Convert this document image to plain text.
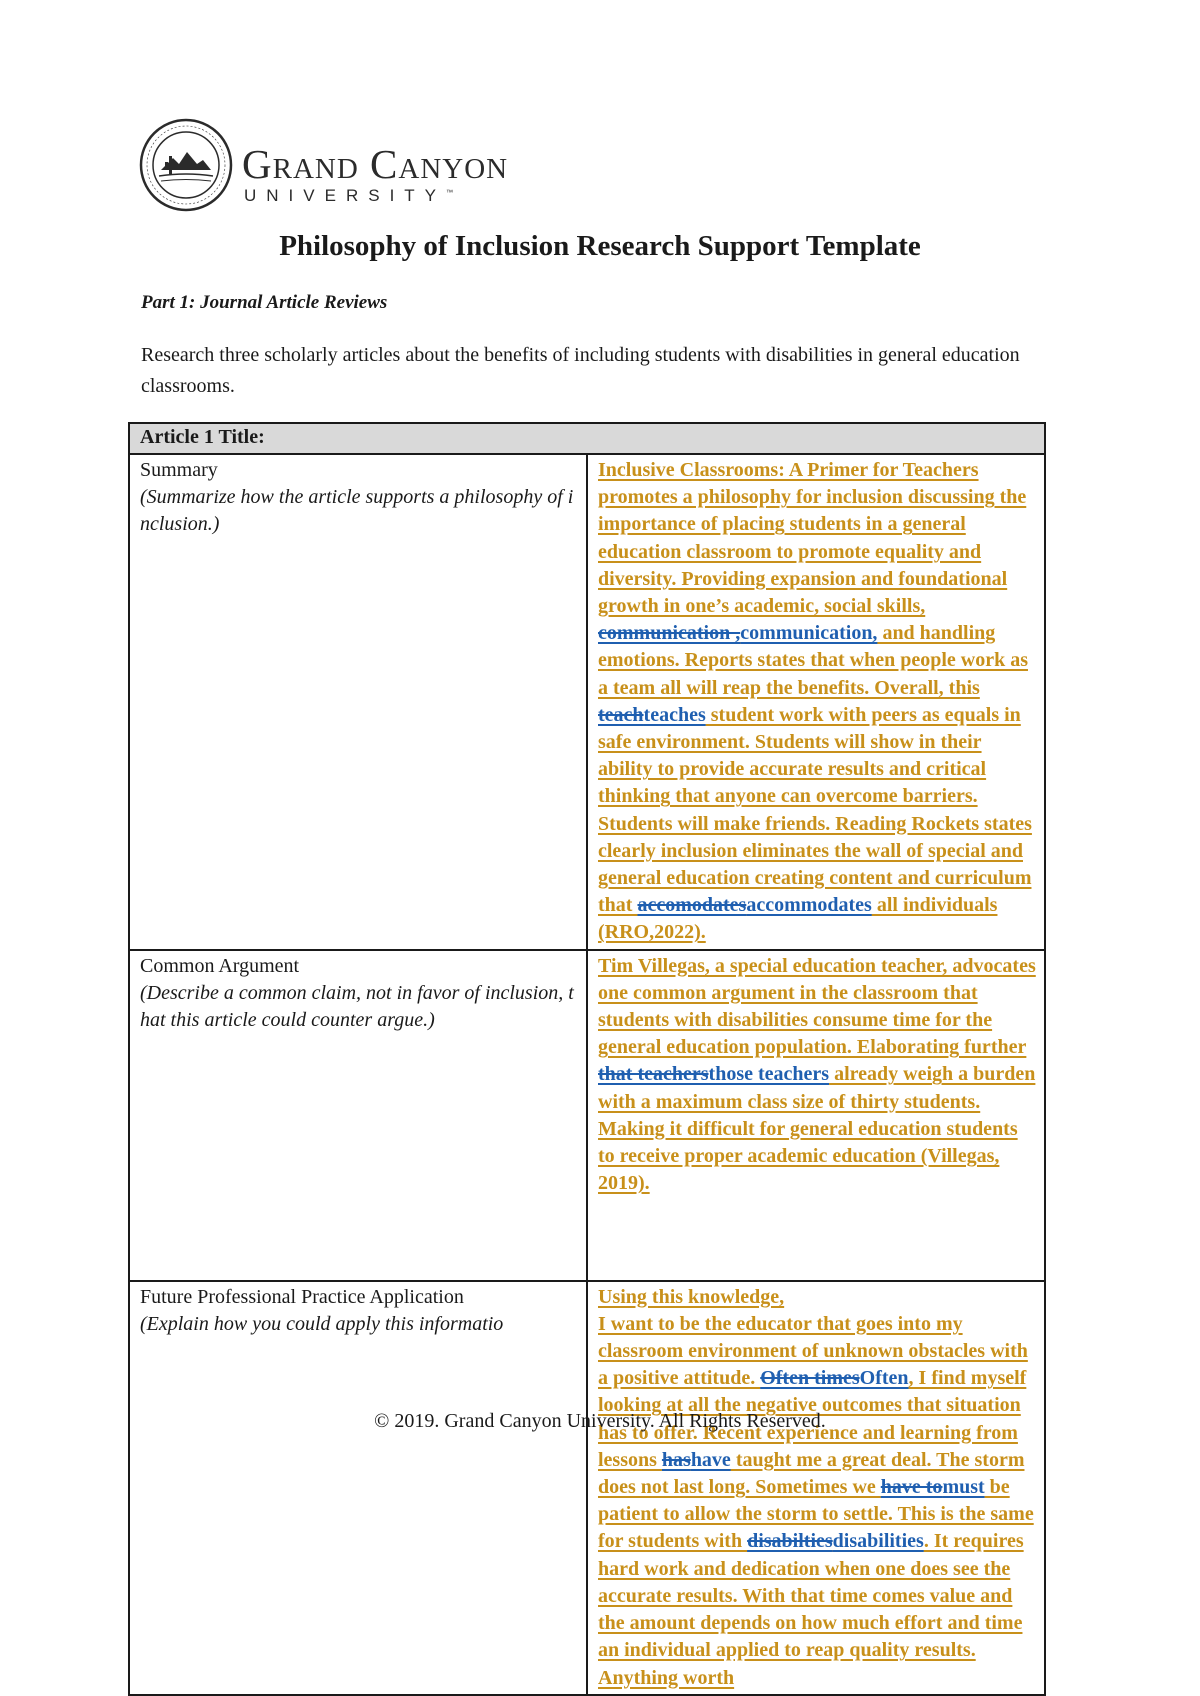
Grand Canyon
UNIVERSITY™
Philosophy of Inclusion Research Support Template
Part 1: Journal Article Reviews
Research three scholarly articles about the benefits of including students with disabilities in general education classrooms.
Article 1 Title:	

Summary
(Summarize how the article supports a philosophy of inclusion.)	Inclusive Classrooms: A Primer for Teachers promotes a philosophy for inclusion discussing the importance of placing students in a general education classroom to promote equality and diversity. Providing expansion and foundational growth in one’s academic, social skills, communication ,communication, and handling emotions. Reports states that when people work as a team all will reap the benefits. Overall, this teachteaches student work with peers as equals in safe environment. Students will show in their ability to provide accurate results and critical thinking that anyone can overcome barriers. Students will make friends. Reading Rockets states clearly inclusion eliminates the wall of special and general education creating content and curriculum that accomodatesaccommodates all individuals (RRO,2022).

Common Argument
(Describe a common claim, not in favor of inclusion, that this article could counter argue.)	Tim Villegas, a special education teacher, advocates one common argument in the classroom that students with disabilities consume time for the general education population. Elaborating further that teachersthose teachers already weigh a burden with a maximum class size of thirty students. Making it difficult for general education students to receive proper academic education (Villegas, 2019).

Future Professional Practice Application
(Explain how you could apply this informatio	Using this knowledge,
I want to be the educator that goes into my classroom environment of unknown obstacles with a positive attitude. Often timesOften, I find myself looking at all the negative outcomes that situation has to offer. Recent experience and learning from lessons hashave taught me a great deal. The storm does not last long. Sometimes we have tomust be patient to allow the storm to settle. This is the same for students with disabiltiesdisabilities. It requires hard work and dedication when one does see the accurate results. With that time comes value and the amount depends on how much effort and time an individual applied to reap quality results. Anything worth
© 2019. Grand Canyon University. All Rights Reserved.
